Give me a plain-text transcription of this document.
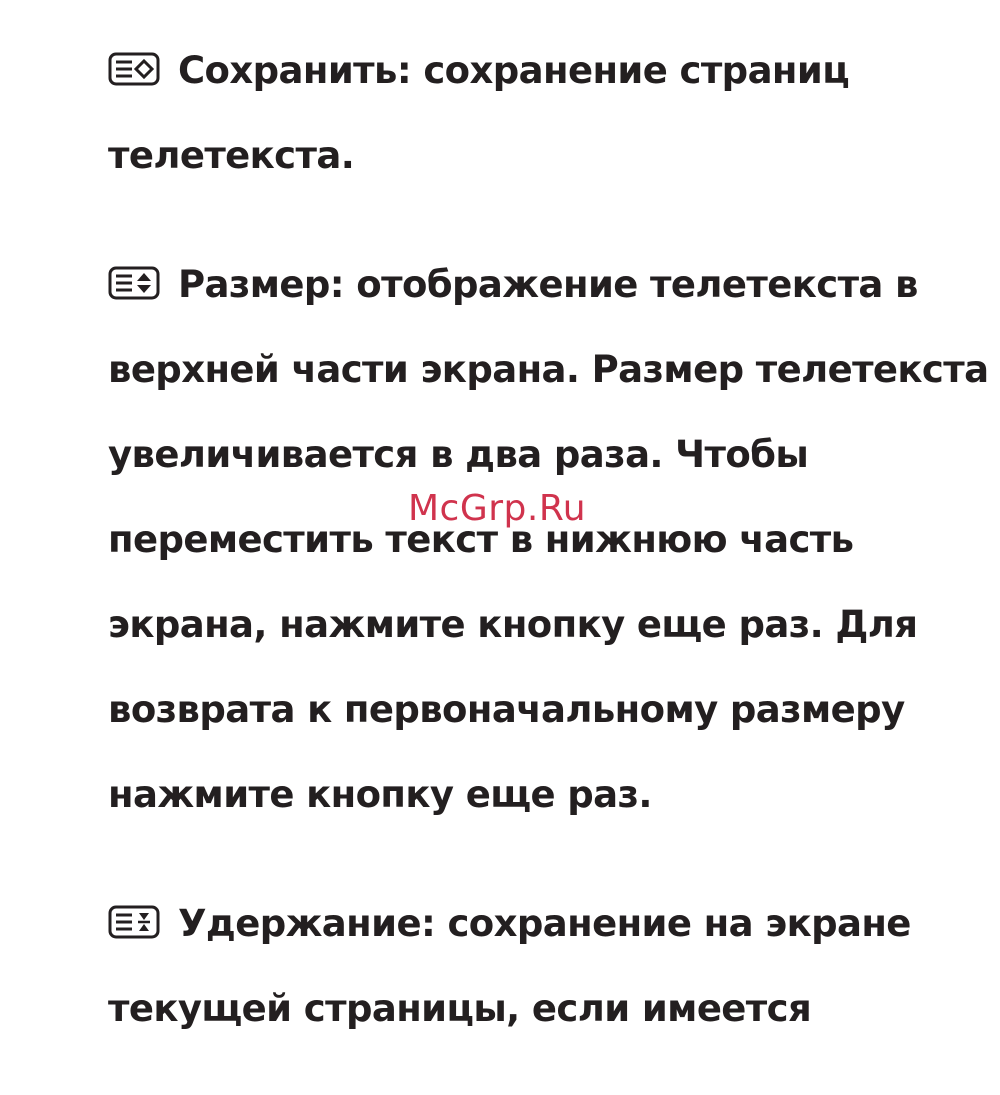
Сохранить: сохранение страниц

телетекста.

Размер: отображение телетекста в

верхней части экрана. Размер телетекста

увеличивается в два раза. Чтобы

переместить текст в нижнюю часть

экрана, нажмите кнопку еще раз. Для

возврата к первоначальному размеру

нажмите кнопку еще раз.

Удержание: сохранение на экране

текущей страницы, если имеется

McGrp.Ru
